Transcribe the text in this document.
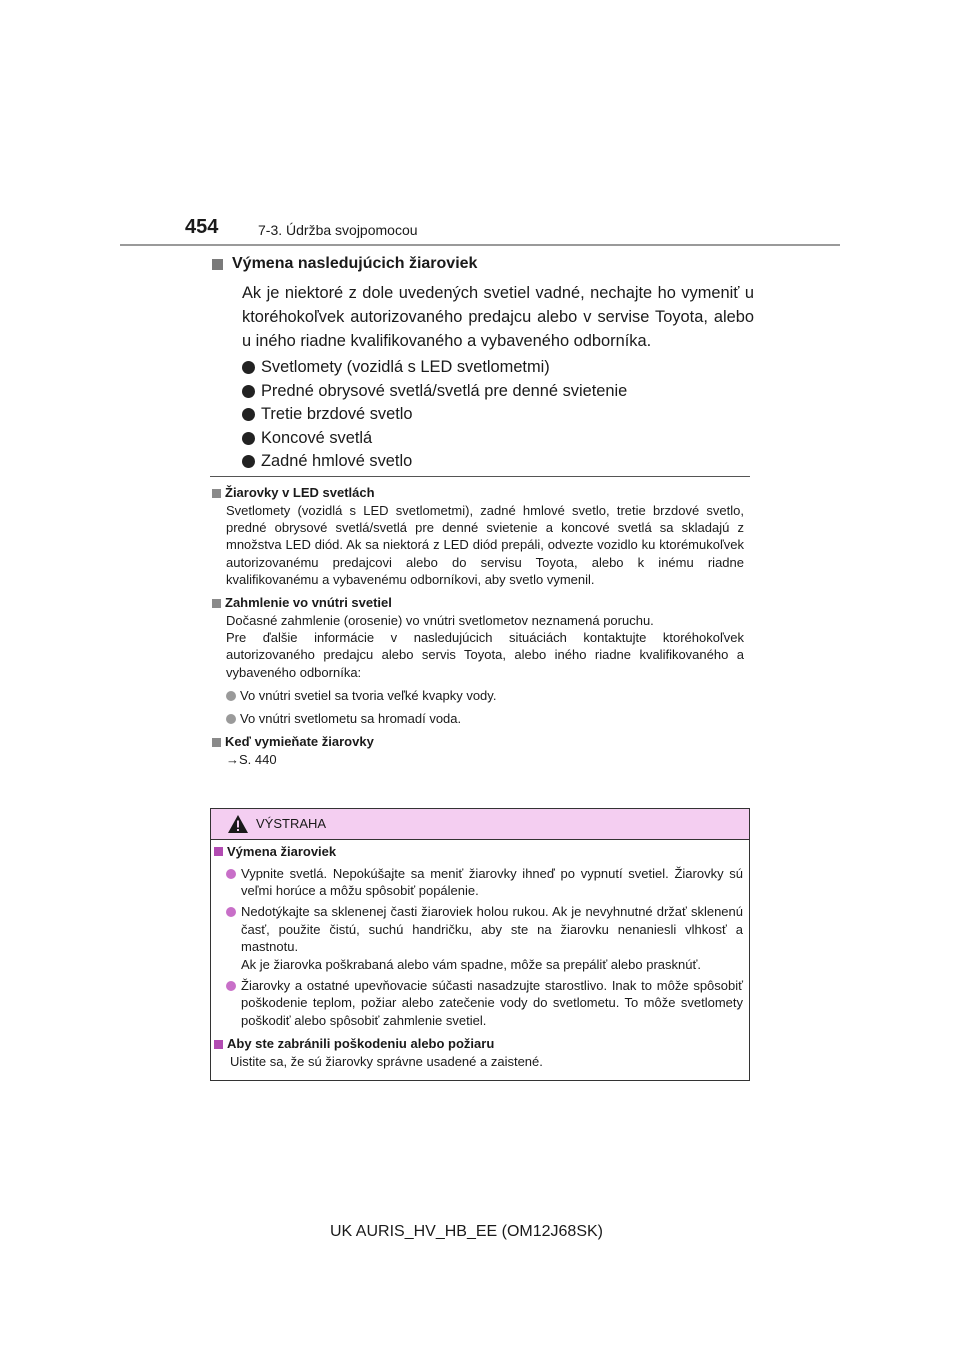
454	7-3. Údržba svojpomocou
Výmena nasledujúcich žiaroviek
Ak je niektoré z dole uvedených svetiel vadné, nechajte ho vymeniť u ktoréhokoľvek autorizovaného predajcu alebo v servise Toyota, alebo u iného riadne kvalifikovaného a vybaveného odborníka.
Svetlomety (vozidlá s LED svetlometmi)
Predné obrysové svetlá/svetlá pre denné svietenie
Tretie brzdové svetlo
Koncové svetlá
Zadné hmlové svetlo
Žiarovky v LED svetlách
Svetlomety (vozidlá s LED svetlometmi), zadné hmlové svetlo, tretie brzdové svetlo, predné obrysové svetlá/svetlá pre denné svietenie a koncové svetlá sa skladajú z množstva LED diód. Ak sa niektorá z LED diód prepáli, odvezte vozidlo ku ktorémukoľvek autorizovanému predajcovi alebo do servisu Toyota, alebo k inému riadne kvalifikovanému a vybavenému odborníkovi, aby svetlo vymenil.
Zahmlenie vo vnútri svetiel

Dočasné zahmlenie (orosenie) vo vnútri svetlometov neznamená poruchu.

Pre ďalšie informácie v nasledujúcich situáciách kontaktujte ktoréhokoľvek autorizovaného predajcu alebo servis Toyota, alebo iného riadne kvalifikovaného a vybaveného odborníka:

Vo vnútri svetiel sa tvoria veľké kvapky vody.
Vo vnútri svetlometu sa hromadí voda.
Keď vymieňate žiarovky
→S. 440
VÝSTRAHA
Výmena žiaroviek
Vypnite svetlá. Nepokúšajte sa meniť žiarovky ihneď po vypnutí svetiel. Žiarovky sú veľmi horúce a môžu spôsobiť popálenie.

Nedotýkajte sa sklenenej časti žiaroviek holou rukou. Ak je nevyhnutné držať sklenenú časť, použite čistú, suchú handričku, aby ste na žiarovku nenaniesli vlhkosť a mastnotu.

Ak je žiarovka poškrabaná alebo vám spadne, môže sa prepáliť alebo prasknúť.

Žiarovky a ostatné upevňovacie súčasti nasadzujte starostlivo. Inak to môže spôsobiť poškodenie teplom, požiar alebo zatečenie vody do svetlometu. To môže svetlomety poškodiť alebo spôsobiť zahmlenie svetiel.
Aby ste zabránili poškodeniu alebo požiaru
Uistite sa, že sú žiarovky správne usadené a zaistené.
UK AURIS_HV_HB_EE (OM12J68SK)
